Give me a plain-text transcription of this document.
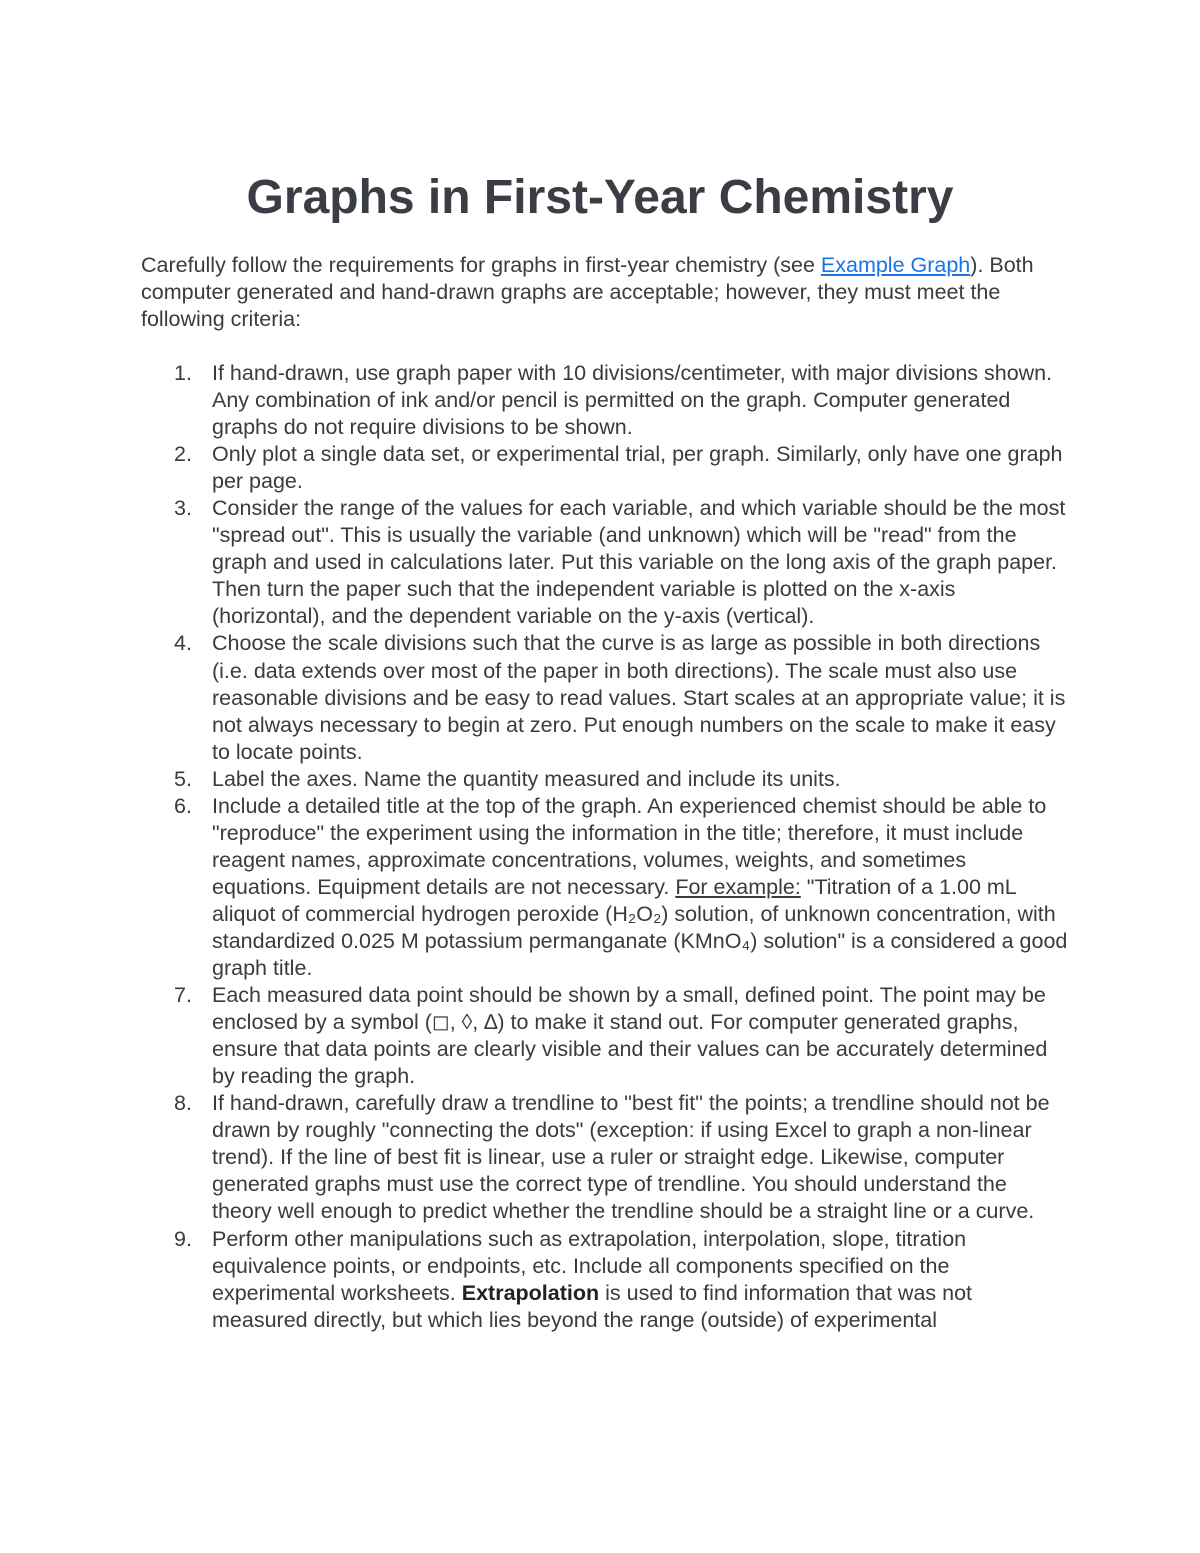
Graphs in First-Year Chemistry

Carefully follow the requirements for graphs in first-year chemistry (see Example Graph). Both computer generated and hand-drawn graphs are acceptable; however, they must meet the following criteria:

1. If hand-drawn, use graph paper with 10 divisions/centimeter, with major divisions shown. Any combination of ink and/or pencil is permitted on the graph. Computer generated graphs do not require divisions to be shown.
2. Only plot a single data set, or experimental trial, per graph. Similarly, only have one graph per page.
3. Consider the range of the values for each variable, and which variable should be the most "spread out". This is usually the variable (and unknown) which will be "read" from the graph and used in calculations later. Put this variable on the long axis of the graph paper. Then turn the paper such that the independent variable is plotted on the x-axis (horizontal), and the dependent variable on the y-axis (vertical).
4. Choose the scale divisions such that the curve is as large as possible in both directions (i.e. data extends over most of the paper in both directions). The scale must also use reasonable divisions and be easy to read values. Start scales at an appropriate value; it is not always necessary to begin at zero. Put enough numbers on the scale to make it easy to locate points.
5. Label the axes. Name the quantity measured and include its units.
6. Include a detailed title at the top of the graph. An experienced chemist should be able to "reproduce" the experiment using the information in the title; therefore, it must include reagent names, approximate concentrations, volumes, weights, and sometimes equations. Equipment details are not necessary. For example: "Titration of a 1.00 mL aliquot of commercial hydrogen peroxide (H₂O₂) solution, of unknown concentration, with standardized 0.025 M potassium permanganate (KMnO₄) solution" is a considered a good graph title.
7. Each measured data point should be shown by a small, defined point. The point may be enclosed by a symbol (◻, ◊, ∆) to make it stand out. For computer generated graphs, ensure that data points are clearly visible and their values can be accurately determined by reading the graph.
8. If hand-drawn, carefully draw a trendline to "best fit" the points; a trendline should not be drawn by roughly "connecting the dots" (exception: if using Excel to graph a non-linear trend). If the line of best fit is linear, use a ruler or straight edge. Likewise, computer generated graphs must use the correct type of trendline. You should understand the theory well enough to predict whether the trendline should be a straight line or a curve.
9. Perform other manipulations such as extrapolation, interpolation, slope, titration equivalence points, or endpoints, etc. Include all components specified on the experimental worksheets. Extrapolation is used to find information that was not measured directly, but which lies beyond the range (outside) of experimental
